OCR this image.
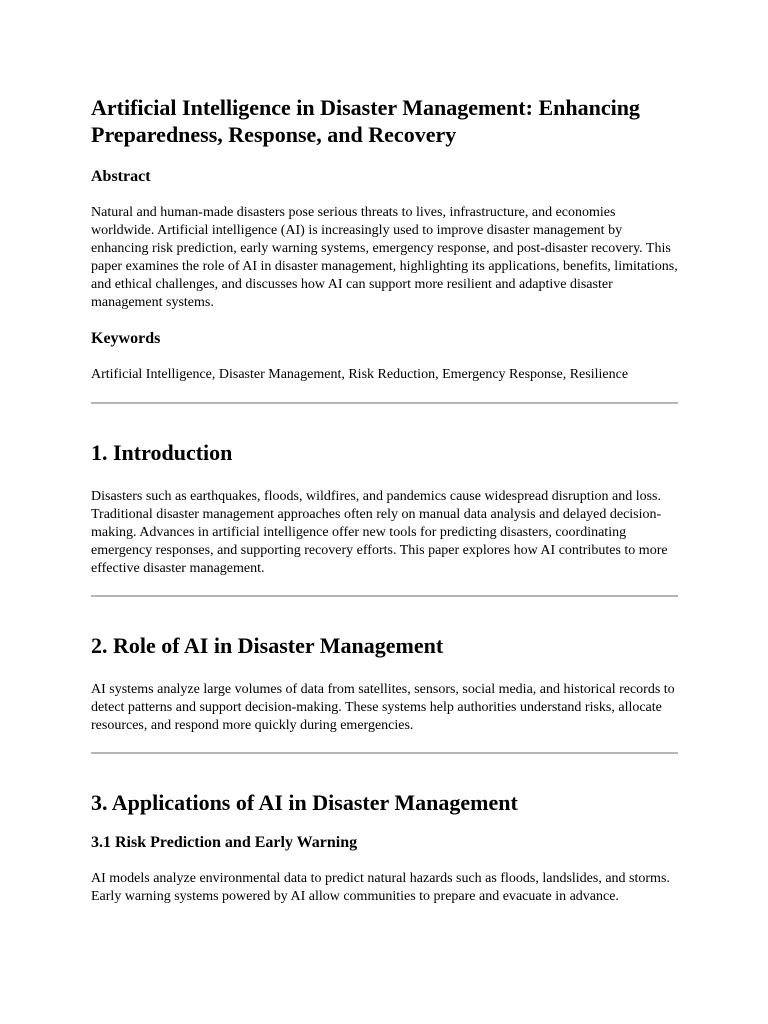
Artificial Intelligence in Disaster Management: Enhancing Preparedness, Response, and Recovery
Abstract

Natural and human-made disasters pose serious threats to lives, infrastructure, and economies worldwide. Artificial intelligence (AI) is increasingly used to improve disaster management by enhancing risk prediction, early warning systems, emergency response, and post-disaster recovery. This paper examines the role of AI in disaster management, highlighting its applications, benefits, limitations, and ethical challenges, and discusses how AI can support more resilient and adaptive disaster management systems.

Keywords

Artificial Intelligence, Disaster Management, Risk Reduction, Emergency Response, Resilience

1. Introduction

Disasters such as earthquakes, floods, wildfires, and pandemics cause widespread disruption and loss. Traditional disaster management approaches often rely on manual data analysis and delayed decision-making. Advances in artificial intelligence offer new tools for predicting disasters, coordinating emergency responses, and supporting recovery efforts. This paper explores how AI contributes to more effective disaster management.

2. Role of AI in Disaster Management

AI systems analyze large volumes of data from satellites, sensors, social media, and historical records to detect patterns and support decision-making. These systems help authorities understand risks, allocate resources, and respond more quickly during emergencies.

3. Applications of AI in Disaster Management
3.1 Risk Prediction and Early Warning

AI models analyze environmental data to predict natural hazards such as floods, landslides, and storms. Early warning systems powered by AI allow communities to prepare and evacuate in advance.
